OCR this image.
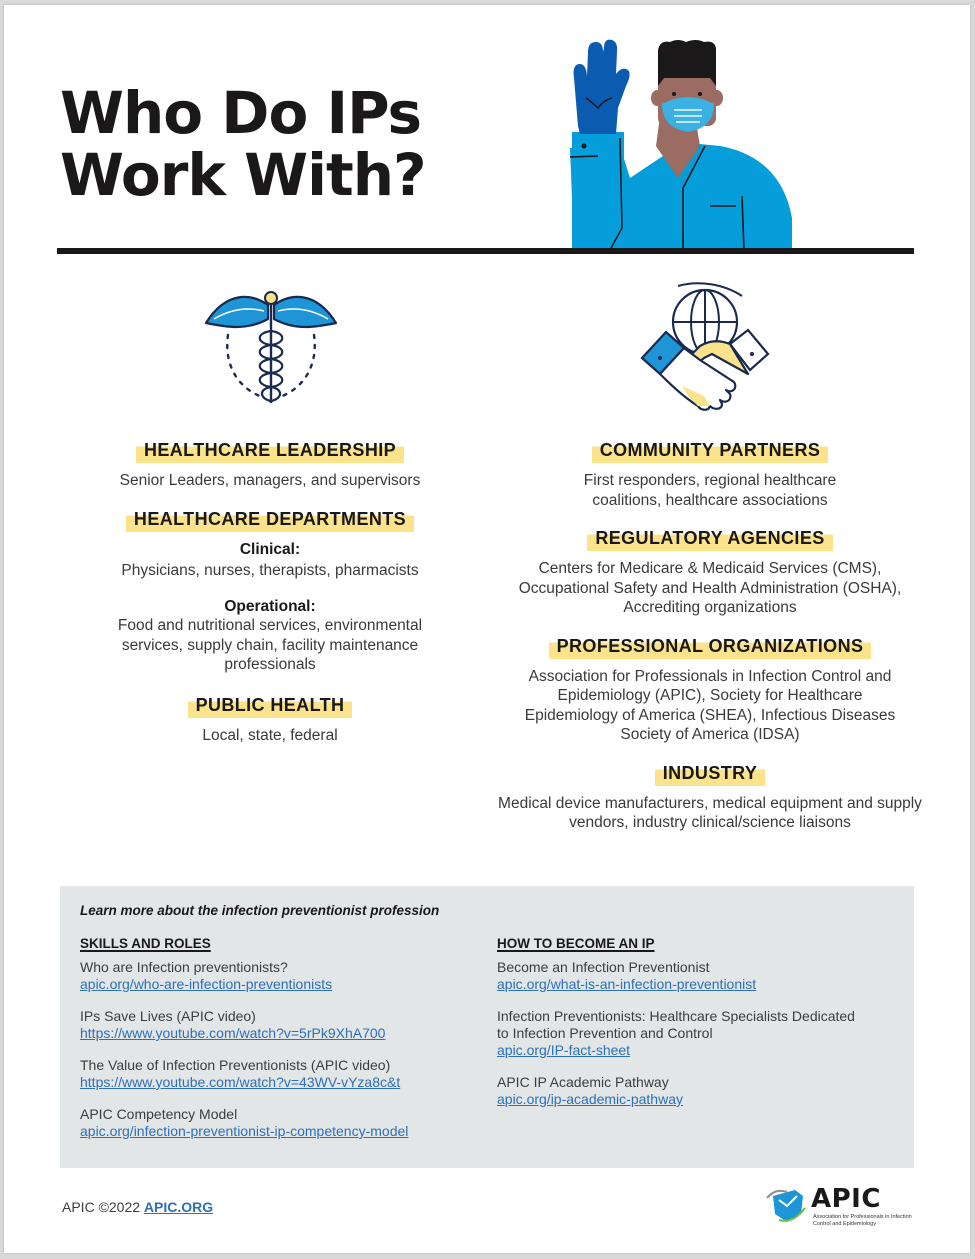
Who Do IPs
Work With?
HEALTHCARE LEADERSHIP
Senior Leaders, managers, and supervisors
HEALTHCARE DEPARTMENTS
Clinical:
Physicians, nurses, therapists, pharmacists
Operational:
Food and nutritional services, environmental services, supply chain, facility maintenance professionals
PUBLIC HEALTH
Local, state, federal
COMMUNITY PARTNERS
First responders, regional healthcare coalitions, healthcare associations
REGULATORY AGENCIES
Centers for Medicare & Medicaid Services (CMS), Occupational Safety and Health Administration (OSHA), Accrediting organizations
PROFESSIONAL ORGANIZATIONS
Association for Professionals in Infection Control and Epidemiology (APIC), Society for Healthcare Epidemiology of America (SHEA), Infectious Diseases Society of America (IDSA)
INDUSTRY
Medical device manufacturers, medical equipment and supply vendors, industry clinical/science liaisons
Learn more about the infection preventionist profession
SKILLS AND ROLES
Who are Infection preventionists?
apic.org/who-are-infection-preventionists
IPs Save Lives (APIC video)
https://www.youtube.com/watch?v=5rPk9XhA700
The Value of Infection Preventionists (APIC video)
https://www.youtube.com/watch?v=43WV-vYza8c&t
APIC Competency Model
apic.org/infection-preventionist-ip-competency-model
HOW TO BECOME AN IP
Become an Infection Preventionist
apic.org/what-is-an-infection-preventionist
Infection Preventionists: Healthcare Specialists Dedicated to Infection Prevention and Control
apic.org/IP-fact-sheet
APIC IP Academic Pathway
apic.org/ip-academic-pathway
APIC ©2022 APIC.ORG	APIC
Association for Professionals in Infection Control and Epidemiology
